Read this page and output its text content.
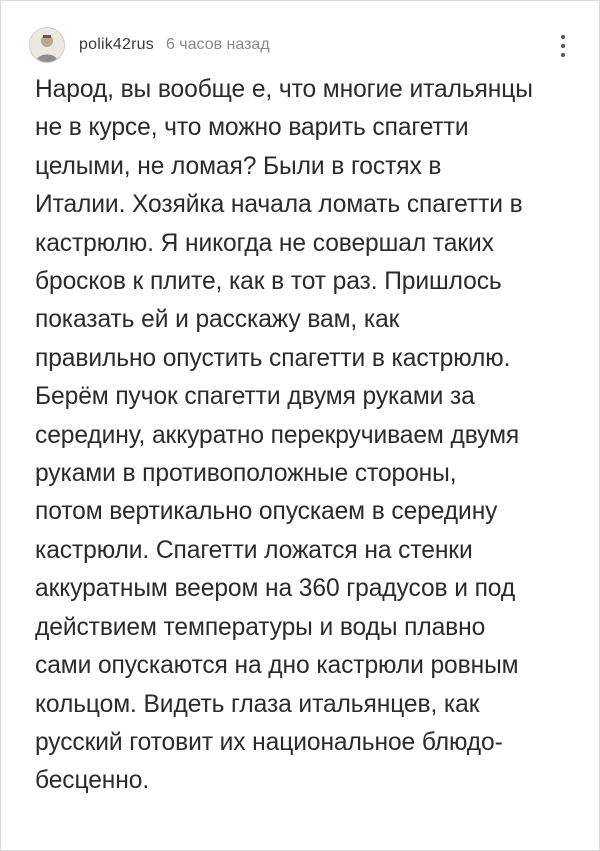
polik42rus 6 часов назад

Народ, вы вообще е, что многие итальянцы
не в курсе, что можно варить спагетти
целыми, не ломая? Были в гостях в
Италии. Хозяйка начала ломать спагетти в
кастрюлю. Я никогда не совершал таких
бросков к плите, как в тот раз. Пришлось
показать ей и расскажу вам, как
правильно опустить спагетти в кастрюлю.
Берём пучок спагетти двумя руками за
середину, аккуратно перекручиваем двумя
руками в противоположные стороны,
потом вертикально опускаем в середину
кастрюли. Спагетти ложатся на стенки
аккуратным веером на 360 градусов и под
действием температуры и воды плавно
сами опускаются на дно кастрюли ровным
кольцом. Видеть глаза итальянцев, как
русский готовит их национальное блюдо-
бесценно.
